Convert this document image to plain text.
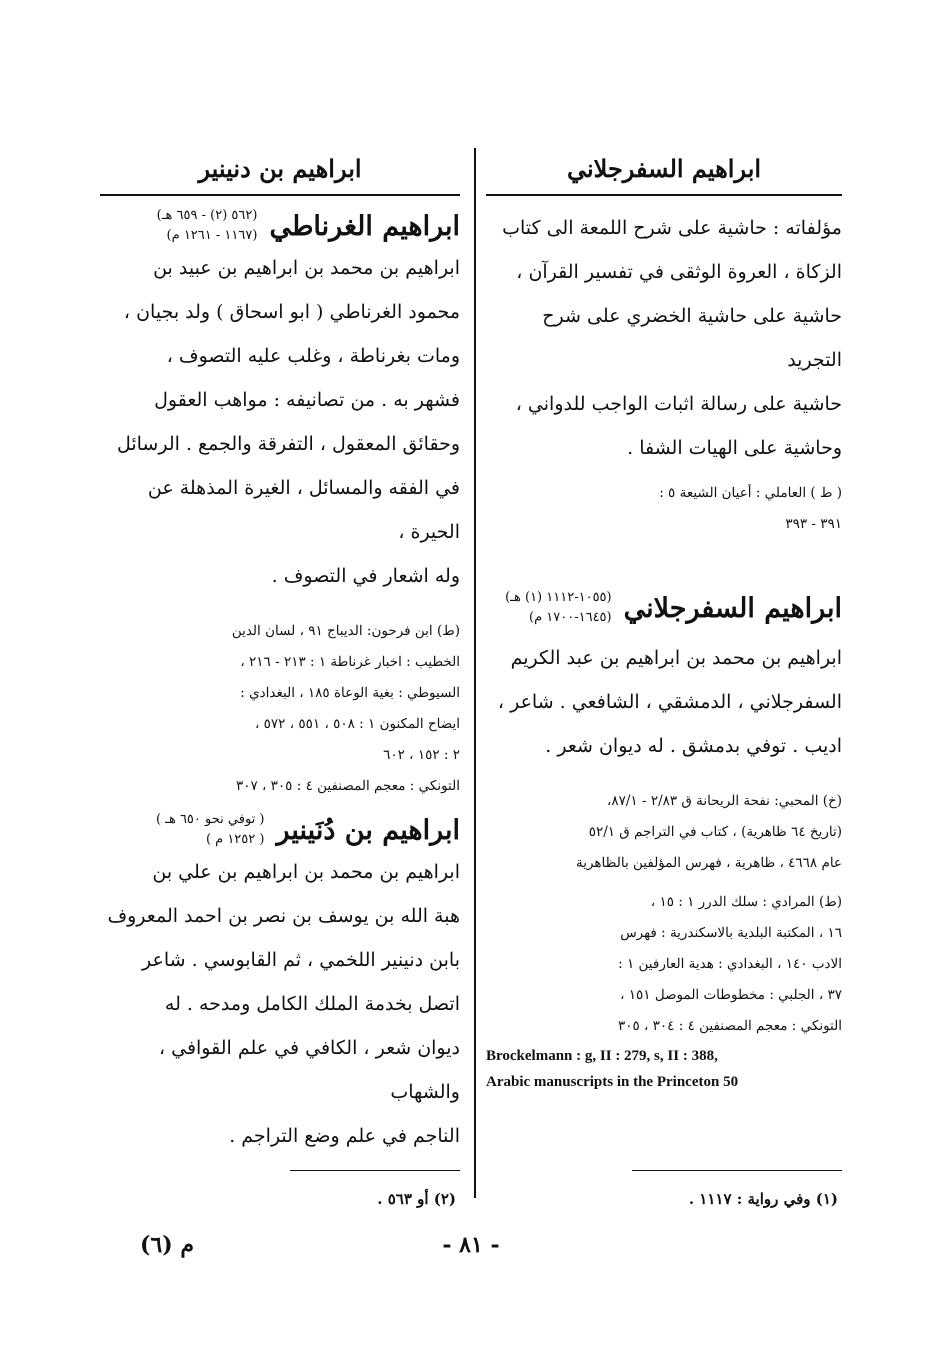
ابراهيم السفرجلاني

مؤلفاته : حاشية على شرح اللمعة الى كتاب

الزكاة ، العروة الوثقى في تفسير القرآن ،

حاشية على حاشية الخضري على شرح التجريد

حاشية على رسالة اثبات الواجب للدواني ،

وحاشية على الهيات الشفا .

( ط ) العاملي : أعيان الشيعة ٥ :

٣٩١ - ٣٩٣

ابراهيم السفرجلاني
(١٠٥٥-١١١٢ (١) هـ)
(١٦٤٥-١٧٠٠ م)

ابراهيم بن محمد بن ابراهيم بن عبد الكريم

السفرجلاني ، الدمشقي ، الشافعي . شاعر ،

اديب . توفي بدمشق . له ديوان شعر .

(خ) المحبي: نفحة الريحانة ق ٢/٨٣ - ٨٧/١،

(تاريخ ٦٤ ظاهرية) ، كتاب في التراجم ق ٥٢/١

عام ٤٦٦٨ ، ظاهرية ، فهرس المؤلفين بالظاهرية

(ط) المرادي : سلك الدرر ١ : ١٥ ،

١٦ ، المكتبة البلدية بالاسكندرية : فهرس

الادب ١٤٠ ، البغدادي : هدية العارفين ١ :

٣٧ ، الجلبي : مخطوطات الموصل ١٥١ ،

التونكي : معجم المصنفين ٤ : ٣٠٤ ، ٣٠٥

Brockelmann : g, II : 279, s, II : 388,

Arabic manuscripts in the Princeton 50

ابراهيم بن دنينير
ابراهيم الغرناطي
(٥٦٢ (٢) - ٦٥٩ هـ)
(١١٦٧ - ١٢٦١ م)

ابراهيم بن محمد بن ابراهيم بن عبيد بن

محمود الغرناطي ( ابو اسحاق ) ولد بجيان ،

ومات بغرناطة ، وغلب عليه التصوف ،

فشهر به . من تصانيفه : مواهب العقول

وحقائق المعقول ، التفرقة والجمع . الرسائل

في الفقه والمسائل ، الغيرة المذهلة عن الحيرة ،

وله اشعار في التصوف .

(ط) ابن فرحون: الديباج ٩١ ، لسان الدين

الخطيب : اخبار غرناطة ١ : ٢١٣ - ٢١٦ ،

السيوطي : بغية الوعاة ١٨٥ ، البغدادي :

ايضاح المكنون ١ : ٥٠٨ ، ٥٥١ ، ٥٧٢ ،

٢ : ١٥٢ ، ٦٠٢

التونكي : معجم المصنفين ٤ : ٣٠٥ ، ٣٠٧

ابراهيم بن دُنَينير
( توفي نحو ٦٥٠ هـ )
( ١٢٥٢ م )

ابراهيم بن محمد بن ابراهيم بن علي بن

هبة الله بن يوسف بن نصر بن احمد المعروف

بابن دنينير اللخمي ، ثم القابوسي . شاعر

اتصل بخدمة الملك الكامل ومدحه . له

ديوان شعر ، الكافي في علم القوافي ، والشهاب

الناجم في علم وضع التراجم .

(١) وفي رواية : ١١١٧ .
(٢) أو ٥٦٣ .
- ٨١ -
م (٦)
